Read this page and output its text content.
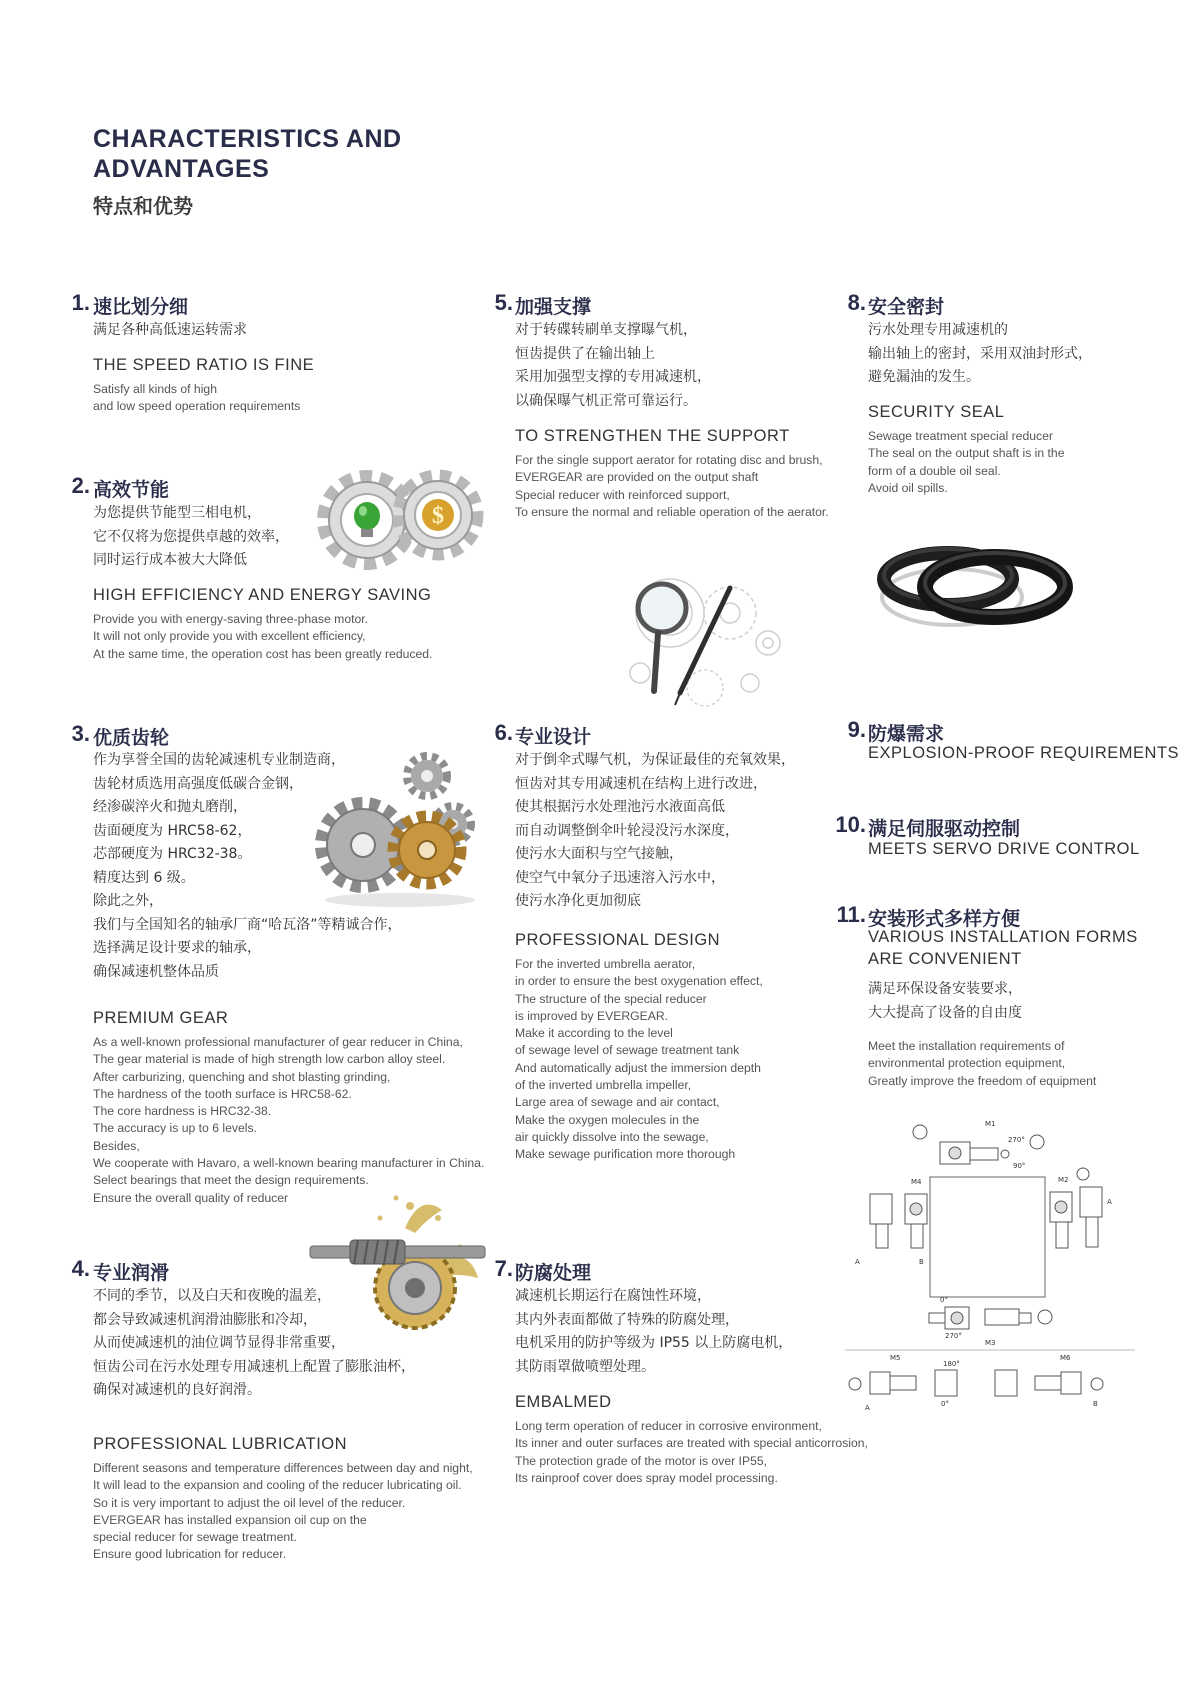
CHARACTERISTICS AND
ADVANTAGES
特点和优势
1. 速比划分细
满足各种高低速运转需求
THE SPEED RATIO IS FINE
Satisfy all kinds of high
and low speed operation requirements
2. 高效节能
为您提供节能型三相电机，
它不仅将为您提供卓越的效率，
同时运行成本被大大降低
HIGH EFFICIENCY AND ENERGY SAVING
Provide you with energy-saving three-phase motor.
It will not only provide you with excellent efficiency,
At the same time, the operation cost has been greatly reduced.
$
3. 优质齿轮
作为享誉全国的齿轮减速机专业制造商，
齿轮材质选用高强度低碳合金钢，
经渗碳淬火和抛丸磨削，
齿面硬度为 HRC58-62，
芯部硬度为 HRC32-38。
精度达到 6 级。
除此之外，
我们与全国知名的轴承厂商“哈瓦洛”等精诚合作，
选择满足设计要求的轴承，
确保减速机整体品质
PREMIUM GEAR
As a well-known professional manufacturer of gear reducer in China,
The gear material is made of high strength low carbon alloy steel.
After carburizing, quenching and shot blasting grinding,
The hardness of the tooth surface is HRC58-62.
The core hardness is HRC32-38.
The accuracy is up to 6 levels.
Besides,
We cooperate with Havaro, a well-known bearing manufacturer in China.
Select bearings that meet the design requirements.
Ensure the overall quality of reducer
4. 专业润滑
不同的季节，以及白天和夜晚的温差，
都会导致减速机润滑油膨胀和冷却，
从而使减速机的油位调节显得非常重要，
恒齿公司在污水处理专用减速机上配置了膨胀油杯，
确保对减速机的良好润滑。
PROFESSIONAL LUBRICATION
Different seasons and temperature differences between day and night,
It will lead to the expansion and cooling of the reducer lubricating oil.
So it is very important to adjust the oil level of the reducer.
EVERGEAR has installed expansion oil cup on the
special reducer for sewage treatment.
Ensure good lubrication for reducer.
5. 加强支撑
对于转碟转刷单支撑曝气机，
恒齿提供了在输出轴上
采用加强型支撑的专用减速机，
以确保曝气机正常可靠运行。
TO STRENGTHEN THE SUPPORT
For the single support aerator for rotating disc and brush,
EVERGEAR are provided on the output shaft
Special reducer with reinforced support,
To ensure the normal and reliable operation of the aerator.
6. 专业设计
对于倒伞式曝气机，为保证最佳的充氧效果，
恒齿对其专用减速机在结构上进行改进，
使其根据污水处理池污水液面高低
而自动调整倒伞叶轮浸没污水深度，
使污水大面积与空气接触，
使空气中氧分子迅速溶入污水中，
使污水净化更加彻底
PROFESSIONAL DESIGN
For the inverted umbrella aerator,
in order to ensure the best oxygenation effect,
The structure of the special reducer
is improved by EVERGEAR.
Make it according to the level
of sewage level of sewage treatment tank
And automatically adjust the immersion depth
of the inverted umbrella impeller,
Large area of sewage and air contact,
Make the oxygen molecules in the
air quickly dissolve into the sewage,
Make sewage purification more thorough
7. 防腐处理
减速机长期运行在腐蚀性环境，
其内外表面都做了特殊的防腐处理，
电机采用的防护等级为 IP55 以上防腐电机，
其防雨罩做喷塑处理。
EMBALMED
Long term operation of reducer in corrosive environment,
Its inner and outer surfaces are treated with special anticorrosion,
The protection grade of the motor is over IP55,
Its rainproof cover does spray model processing.
8. 安全密封
污水处理专用减速机的
输出轴上的密封，采用双油封形式，
避免漏油的发生。
SECURITY SEAL
Sewage treatment special reducer
The seal on the output shaft is in the
form of a double oil seal.
Avoid oil spills.
9. 防爆需求
EXPLOSION-PROOF REQUIREMENTS
10. 满足伺服驱动控制
MEETS SERVO DRIVE CONTROL
11. 安装形式多样方便
VARIOUS INSTALLATION FORMS
ARE CONVENIENT
满足环保设备安装要求，
大大提高了设备的自由度
Meet the installation requirements of
environmental protection equipment,
Greatly improve the freedom of equipment
M1
270°
90°
M2
A
M4
A	B
M3
0°
270°
M5
180°
0°
M6
B
A
